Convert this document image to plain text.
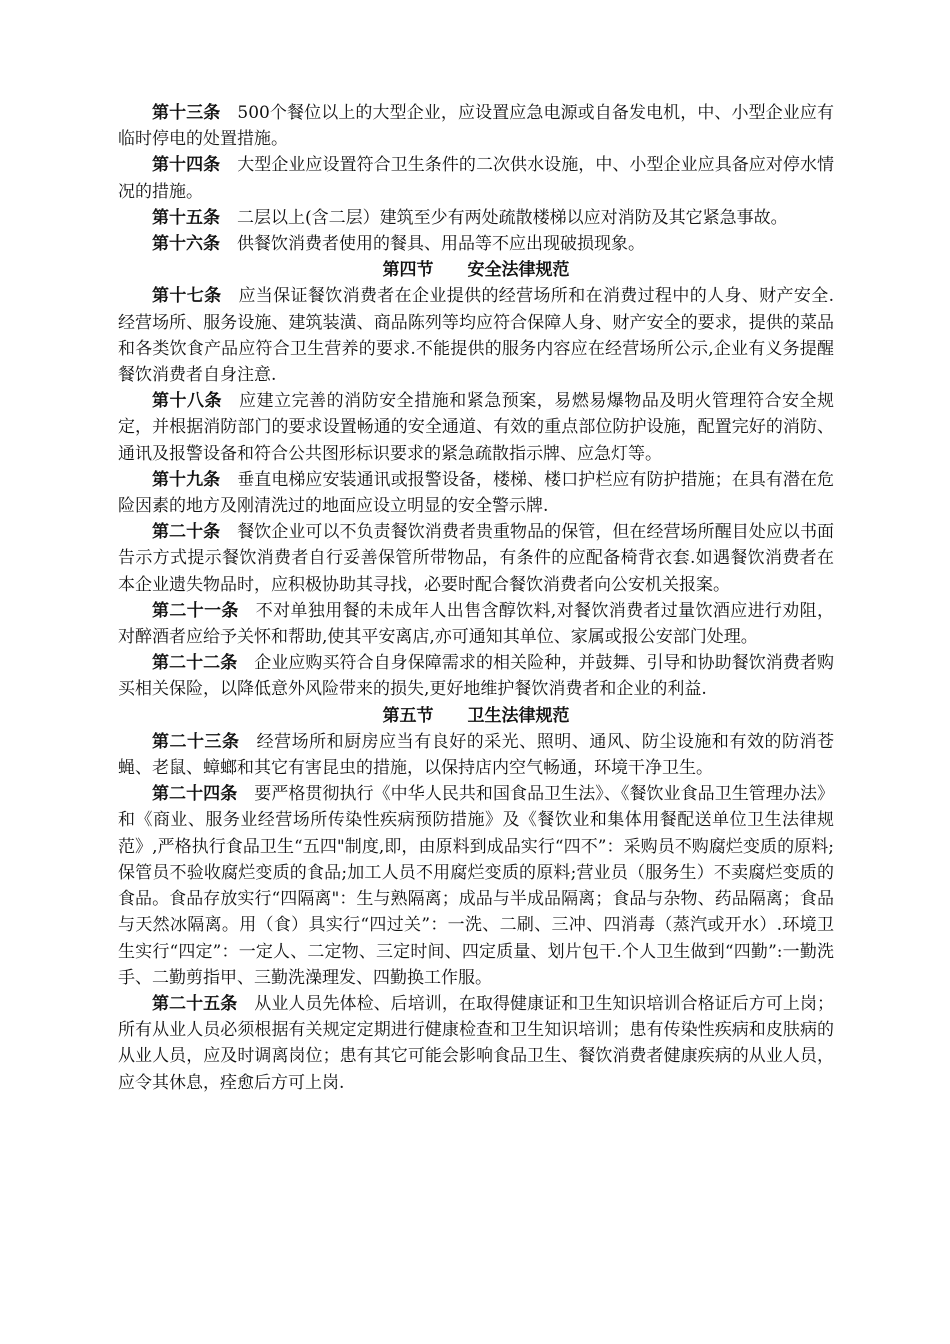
第十三条 500个餐位以上的大型企业，应设置应急电源或自备发电机，中、小型企业应有临时停电的处置措施。

第十四条 大型企业应设置符合卫生条件的二次供水设施，中、小型企业应具备应对停水情况的措施。

第十五条 二层以上(含二层）建筑至少有两处疏散楼梯以应对消防及其它紧急事故。

第十六条 供餐饮消费者使用的餐具、用品等不应出现破损现象。

第四节 安全法律规范

第十七条 应当保证餐饮消费者在企业提供的经营场所和在消费过程中的人身、财产安全.经营场所、服务设施、建筑装潢、商品陈列等均应符合保障人身、财产安全的要求，提供的菜品和各类饮食产品应符合卫生营养的要求.不能提供的服务内容应在经营场所公示,企业有义务提醒餐饮消费者自身注意.

第十八条 应建立完善的消防安全措施和紧急预案，易燃易爆物品及明火管理符合安全规定，并根据消防部门的要求设置畅通的安全通道、有效的重点部位防护设施，配置完好的消防、通讯及报警设备和符合公共图形标识要求的紧急疏散指示牌、应急灯等。

第十九条 垂直电梯应安装通讯或报警设备，楼梯、楼口护栏应有防护措施；在具有潜在危险因素的地方及刚清洗过的地面应设立明显的安全警示牌.

第二十条 餐饮企业可以不负责餐饮消费者贵重物品的保管，但在经营场所醒目处应以书面告示方式提示餐饮消费者自行妥善保管所带物品，有条件的应配备椅背衣套.如遇餐饮消费者在本企业遗失物品时，应积极协助其寻找，必要时配合餐饮消费者向公安机关报案。

第二十一条 不对单独用餐的未成年人出售含醇饮料,对餐饮消费者过量饮酒应进行劝阻，对醉酒者应给予关怀和帮助,使其平安离店,亦可通知其单位、家属或报公安部门处理。

第二十二条 企业应购买符合自身保障需求的相关险种，并鼓舞、引导和协助餐饮消费者购买相关保险，以降低意外风险带来的损失,更好地维护餐饮消费者和企业的利益.

第五节 卫生法律规范

第二十三条 经营场所和厨房应当有良好的采光、照明、通风、防尘设施和有效的防消苍蝇、老鼠、蟑螂和其它有害昆虫的措施，以保持店内空气畅通，环境干净卫生。

第二十四条 要严格贯彻执行《中华人民共和国食品卫生法》、《餐饮业食品卫生管理办法》和《商业、服务业经营场所传染性疾病预防措施》及《餐饮业和集体用餐配送单位卫生法律规范》,严格执行食品卫生“五四"制度,即，由原料到成品实行“四不”：采购员不购腐烂变质的原料;保管员不验收腐烂变质的食品;加工人员不用腐烂变质的原料;营业员（服务生）不卖腐烂变质的食品。食品存放实行“四隔离"：生与熟隔离；成品与半成品隔离；食品与杂物、药品隔离；食品与天然冰隔离。用（食）具实行“四过关”：一洗、二刷、三冲、四消毒（蒸汽或开水）.环境卫生实行“四定”：一定人、二定物、三定时间、四定质量、划片包干.个人卫生做到“四勤”:一勤洗手、二勤剪指甲、三勤洗澡理发、四勤换工作服。

第二十五条 从业人员先体检、后培训，在取得健康证和卫生知识培训合格证后方可上岗；所有从业人员必须根据有关规定定期进行健康检查和卫生知识培训；患有传染性疾病和皮肤病的从业人员，应及时调离岗位；患有其它可能会影响食品卫生、餐饮消费者健康疾病的从业人员，应令其休息，痊愈后方可上岗.
